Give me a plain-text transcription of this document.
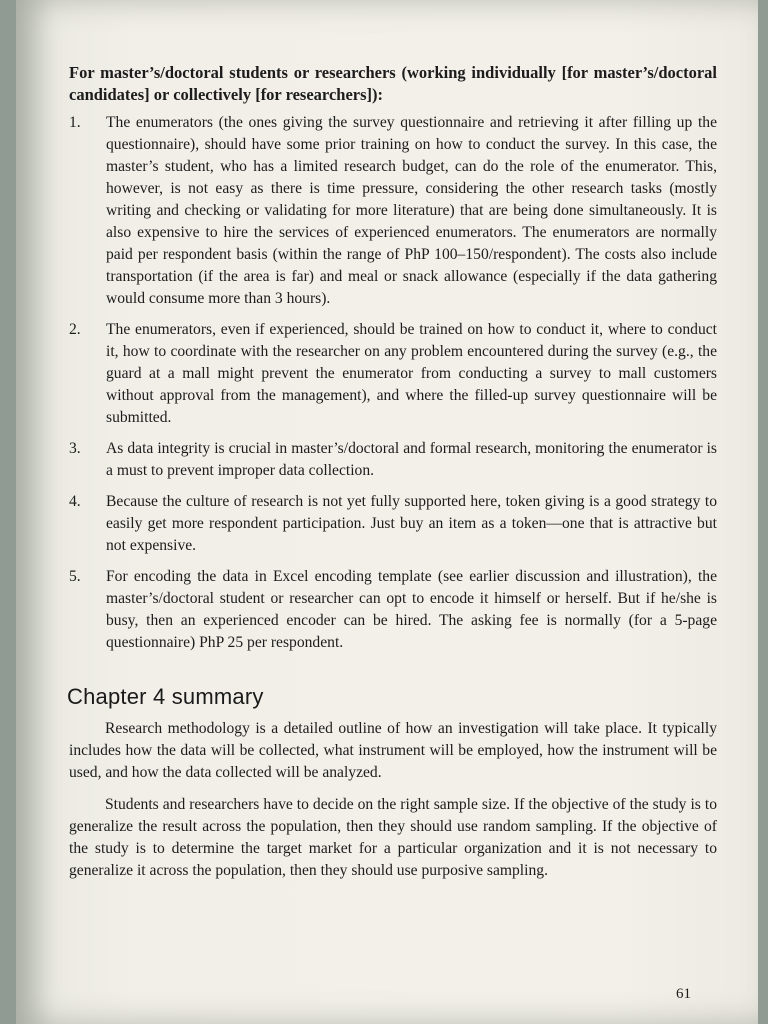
For master’s/doctoral students or researchers (working individually [for master’s/doctoral candidates] or collectively [for researchers]):

1. The enumerators (the ones giving the survey questionnaire and retrieving it after filling up the questionnaire), should have some prior training on how to conduct the survey. In this case, the master’s student, who has a limited research budget, can do the role of the enumerator. This, however, is not easy as there is time pressure, considering the other research tasks (mostly writing and checking or validating for more literature) that are being done simultaneously. It is also expensive to hire the services of experienced enumerators. The enumerators are normally paid per respondent basis (within the range of PhP 100–150/respondent). The costs also include transportation (if the area is far) and meal or snack allowance (especially if the data gathering would consume more than 3 hours).
2. The enumerators, even if experienced, should be trained on how to conduct it, where to conduct it, how to coordinate with the researcher on any problem encountered during the survey (e.g., the guard at a mall might prevent the enumerator from conducting a survey to mall customers without approval from the management), and where the filled-up survey questionnaire will be submitted.
3. As data integrity is crucial in master’s/doctoral and formal research, monitoring the enumerator is a must to prevent improper data collection.
4. Because the culture of research is not yet fully supported here, token giving is a good strategy to easily get more respondent participation. Just buy an item as a token—one that is attractive but not expensive.
5. For encoding the data in Excel encoding template (see earlier discussion and illustration), the master’s/doctoral student or researcher can opt to encode it himself or herself. But if he/she is busy, then an experienced encoder can be hired. The asking fee is normally (for a 5-page questionnaire) PhP 25 per respondent.
Chapter 4 summary

Research methodology is a detailed outline of how an investigation will take place. It typically includes how the data will be collected, what instrument will be employed, how the instrument will be used, and how the data collected will be analyzed.

Students and researchers have to decide on the right sample size. If the objective of the study is to generalize the result across the population, then they should use random sampling. If the objective of the study is to determine the target market for a particular organization and it is not necessary to generalize it across the population, then they should use purposive sampling.

61
